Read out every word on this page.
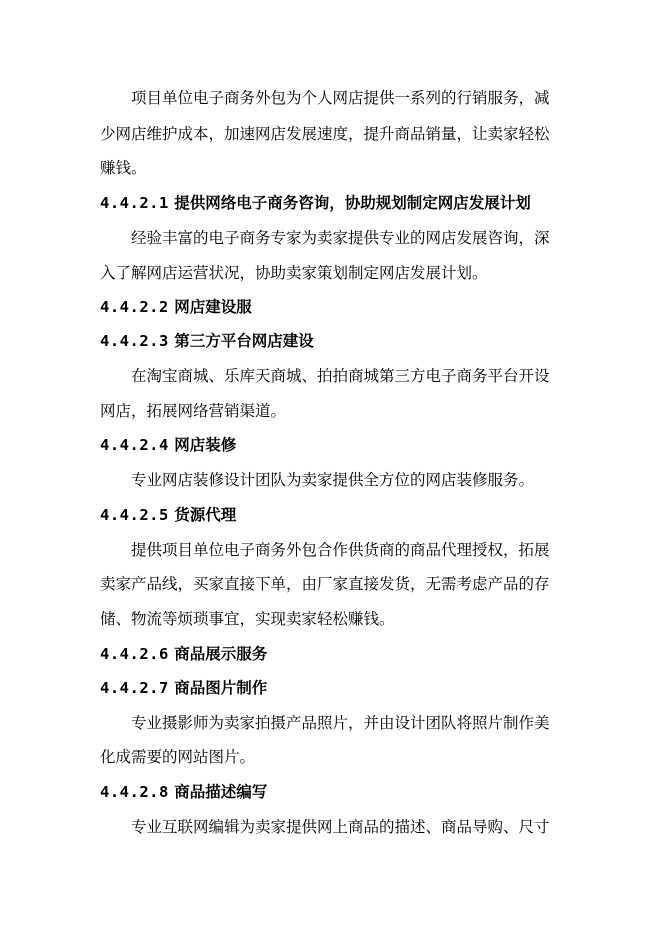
项目单位电子商务外包为个人网店提供一系列的行销服务，减
少网店维护成本，加速网店发展速度，提升商品销量，让卖家轻松
赚钱。
4.4.2.1 提供网络电子商务咨询，协助规划制定网店发展计划
经验丰富的电子商务专家为卖家提供专业的网店发展咨询，深
入了解网店运营状况，协助卖家策划制定网店发展计划。
4.4.2.2 网店建设服
4.4.2.3 第三方平台网店建设
在淘宝商城、乐库天商城、拍拍商城第三方电子商务平台开设
网店，拓展网络营销渠道。
4.4.2.4 网店装修
专业网店装修设计团队为卖家提供全方位的网店装修服务。
4.4.2.5 货源代理
提供项目单位电子商务外包合作供货商的商品代理授权，拓展
卖家产品线，买家直接下单，由厂家直接发货，无需考虑产品的存
储、物流等烦琐事宜，实现卖家轻松赚钱。
4.4.2.6 商品展示服务
4.4.2.7 商品图片制作
专业摄影师为卖家拍摄产品照片，并由设计团队将照片制作美
化成需要的网站图片。
4.4.2.8 商品描述编写
专业互联网编辑为卖家提供网上商品的描述、商品导购、尺寸
